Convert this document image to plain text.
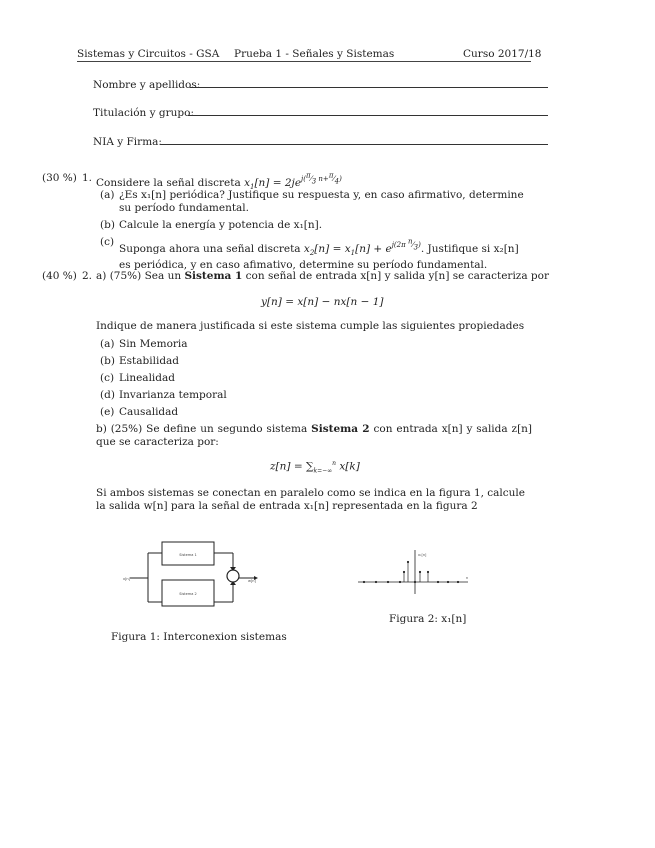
Sistemas y Circuitos - GSA Prueba 1 - Señales y Sistemas	Curso 2017/18
Nombre y apellidos:
Titulación y grupo:
NIA y Firma:
(30 %) 1. Considere la señal discreta $x_1[n] = 2je^{j(^\pi⁄_3 n+^\pi⁄_4)}$
(a) ¿Es x₁[n] periódica? Justifique su respuesta y, en caso afirmativo, determine su período fundamental.
(b) Calcule la energía y potencia de x₁[n].
(c)
Suponga ahora una señal discreta $x_2[n] = x_1[n] + e^{j(2\pi ^n⁄_3)}$. Justifique si x₂[n] es periódica, y en caso afimativo, determine su período fundamental.
(40 %) 2. a) (75%) Sea un Sistema 1 con señal de entrada x[n] y salida y[n] se caracteriza por
y[n] = x[n] − nx[n − 1]
Indique de manera justificada si este sistema cumple las siguientes propiedades
(a) Sin Memoria
(b) Estabilidad
(c) Linealidad
(d) Invarianza temporal
(e) Causalidad
b) (25%) Se define un segundo sistema Sistema 2 con entrada x[n] y salida z[n] que se caracteriza por:
$z[n] = \sum_{k=-\infty}^n$ x[k]
Si ambos sistemas se conectan en paralelo como se indica en la figura 1, calcule la salida w[n] para la señal de entrada x₁[n] representada en la figura 2
Sistema 1
Sistema 2
x[n]	w[n]
Figura 1: Interconexion sistemas
x₁[n]
n
Figura 2: x₁[n]
